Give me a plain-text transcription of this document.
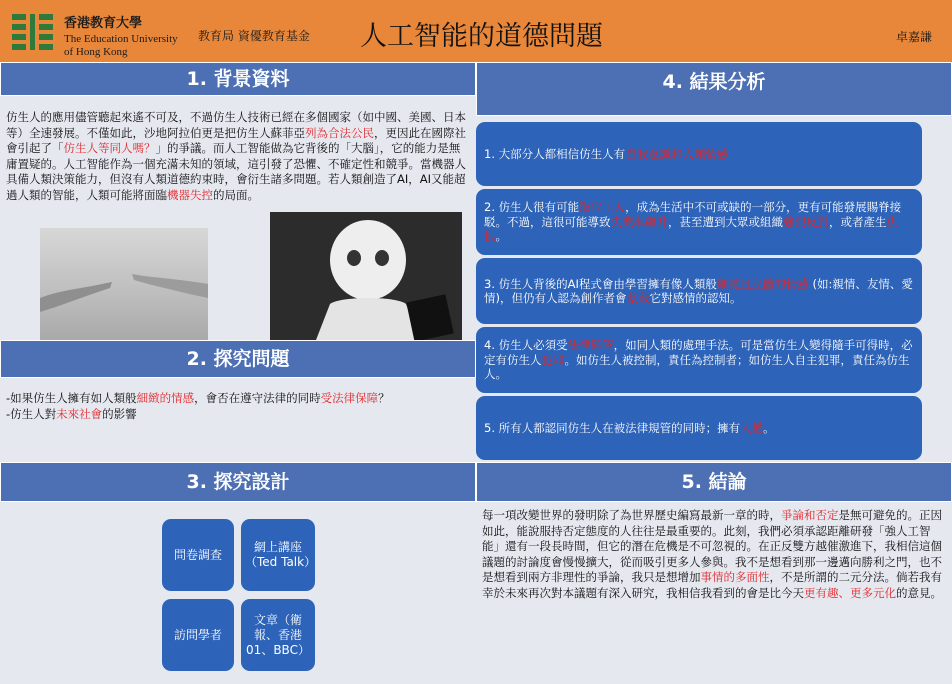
香港教育大學
The Education University
of Hong Kong
教育局 資優教育基金 人工智能的道德問題	卓嘉謙
1. 背景資料
仿生人的應用儘管聽起來遙不可及，不過仿生人技術已經在多個國家（如中國、美國、日本等）全速發展。不僅如此，沙地阿拉伯更是把仿生人蘇菲亞列為合法公民，更因此在國際社會引起了「仿生人等同人嗎？」的爭議。而人工智能做為它背後的「大腦」，它的能力是無庸置疑的。人工智能作為一個充滿未知的領域，這引發了恐懼、不確定性和競爭。當機器人具備人類決策能力，但沒有人類道德約束時，會衍生諸多問題。若人類創造了AI，AI又能超過人類的智能，人類可能將面臨機器失控的局面。
2. 探究問題
-如果仿生人擁有如人類般細緻的情感，會否在遵守法律的同時受法律保障？
-仿生人對未來社會的影響
3. 探究設計
問卷調查
網上講座（Ted Talk）
訪問學者
文章（衛報、香港01、BBC）
4. 結果分析
1. 大部分人都相信仿生人有自我意識和人類情感
2. 仿生人很有可能取代工人，成為生活中不可或缺的一部分，更有可能發展賜脊接駁。不過，這很可能導致失業率飆升，甚至遭到大眾或組織強烈反對，或者產生仇恨。
3. 仿生人背後的AI程式會由學習擁有像人類般細膩且立體的情感 (如:親情、友情、愛情)，但仍有人認為創作者會蒙蔽它對感情的認知。
4. 仿生人必須受法律監管，如同人類的處理手法。可是當仿生人變得隨手可得時，必定有仿生人犯罪。如仿生人被控制，責任為控制者；如仿生人自主犯罪，責任為仿生人。
5. 所有人都認同仿生人在被法律規管的同時；擁有人權。
5. 結論
每一項改變世界的發明除了為世界歷史編寫最新一章的時，爭論和否定是無可避免的。正因如此，能說服持否定態度的人往往是最重要的。此刻，我們必須承認距離研發「強人工智能」還有一段長時間，但它的潛在危機是不可忽視的。在正反雙方越催激進下，我相信這個議題的討論度會慢慢擴大，從而吸引更多人參與。我不是想看到那一邊邁向勝利之門，也不是想看到兩方非理性的爭論，我只是想增加事情的多面性，不是所謂的二元分法。倘若我有幸於未來再次對本議題有深入研究，我相信我看到的會是比今天更有趣、更多元化的意見。
